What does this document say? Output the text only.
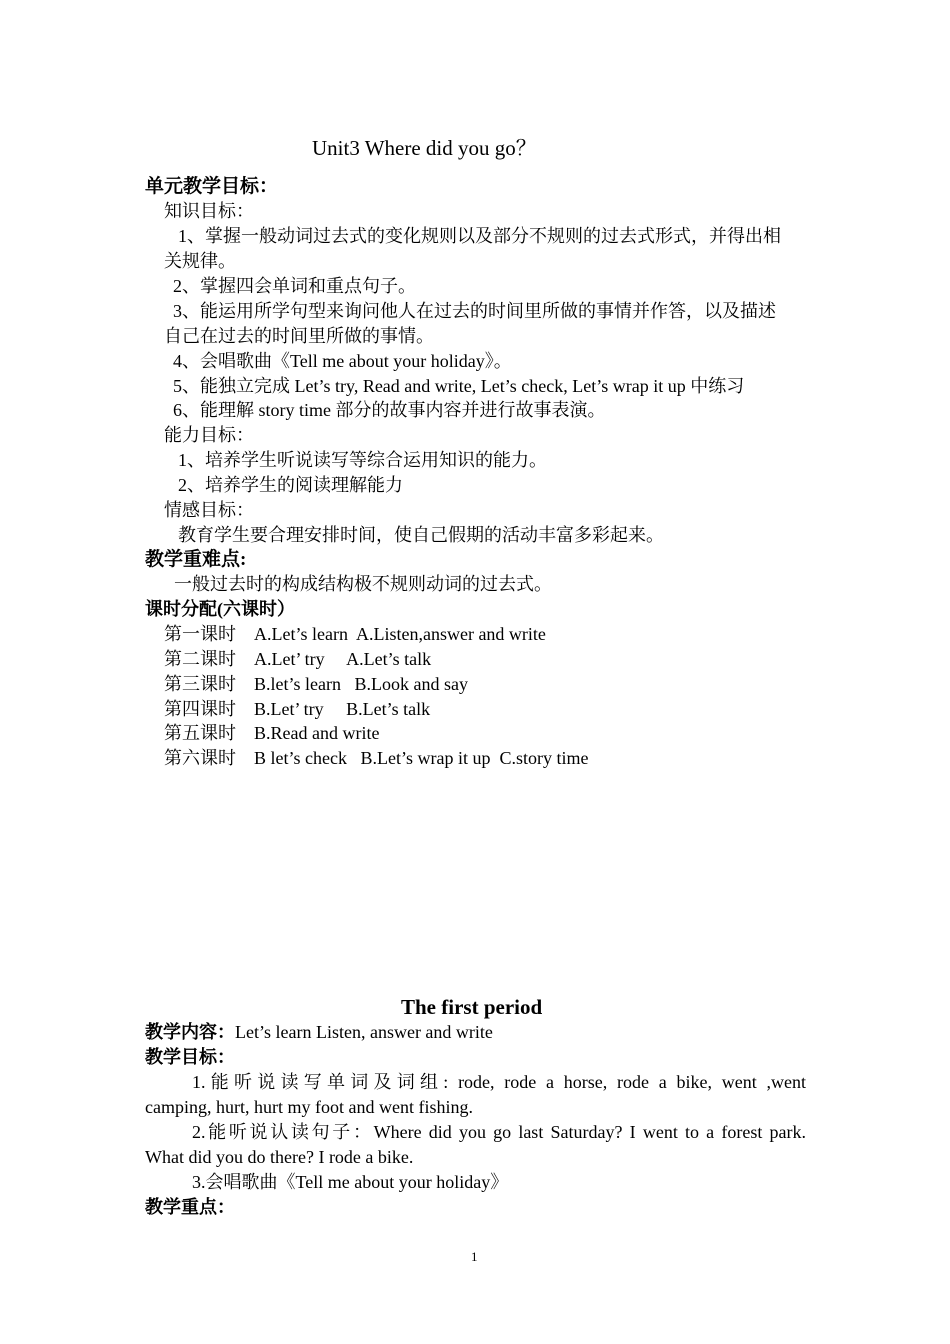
Unit3 Where did you go？
单元教学目标：
知识目标：
1、掌握一般动词过去式的变化规则以及部分不规则的过去式形式，并得出相
关规律。
2、掌握四会单词和重点句子。
3、能运用所学句型来询问他人在过去的时间里所做的事情并作答，以及描述
自己在过去的时间里所做的事情。
4、会唱歌曲《Tell me about your holiday》。
5、能独立完成 Let’s try, Read and write, Let’s check, Let’s wrap it up 中练习
6、能理解 story time 部分的故事内容并进行故事表演。
能力目标：
1、培养学生听说读写等综合运用知识的能力。
2、培养学生的阅读理解能力
情感目标：
教育学生要合理安排时间，使自己假期的活动丰富多彩起来。
教学重难点:
一般过去时的构成结构极不规则动词的过去式。
课时分配(六课时）
第一课时 A.Let’s learn  A.Listen,answer and write
第二课时 A.Let’ try     A.Let’s talk
第三课时 B.let’s learn   B.Look and say
第四课时 B.Let’ try     B.Let’s talk
第五课时 B.Read and write
第六课时 B let’s check   B.Let’s wrap it up  C.story time
The first period
教学内容：Let’s learn Listen, answer and write
教学目标：
1.能听说读写单词及词组: rode, rode a horse, rode a bike, went ,went
camping, hurt, hurt my foot and went fishing.
2.能听说认读句子：Where did you go last Saturday? I went to a forest park.
What did you do there? I rode a bike.
3.会唱歌曲《Tell me about your holiday》
教学重点：
1
